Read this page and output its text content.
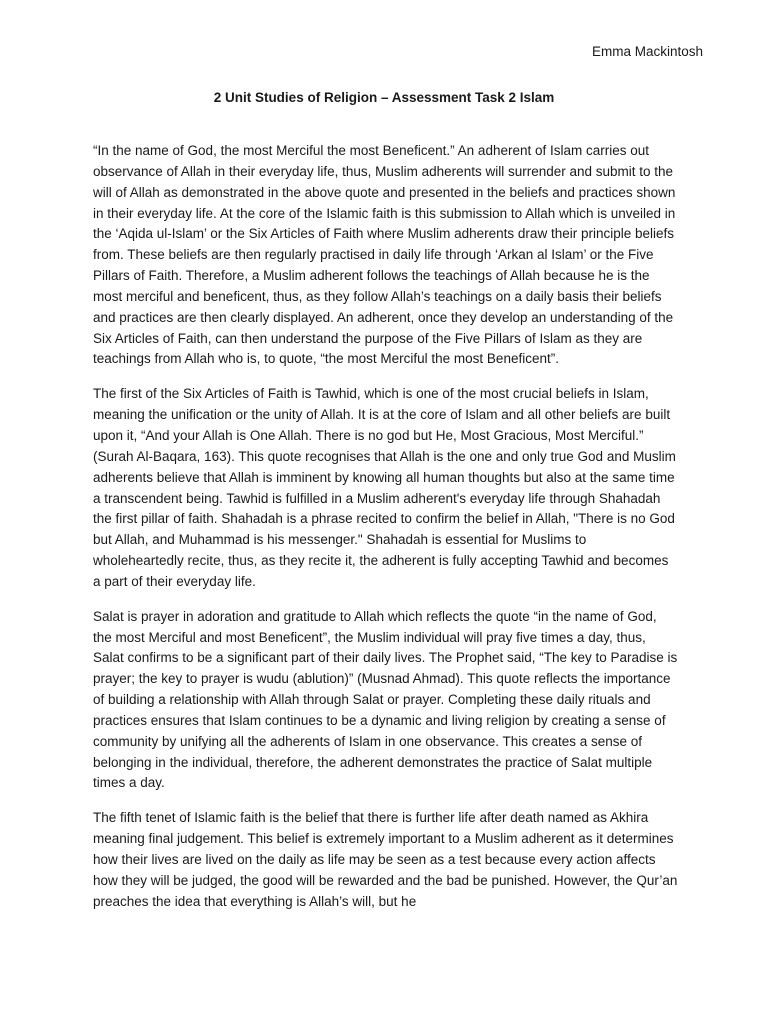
Emma Mackintosh
2 Unit Studies of Religion – Assessment Task 2 Islam

“In the name of God, the most Merciful the most Beneficent.” An adherent of Islam carries out observance of Allah in their everyday life, thus, Muslim adherents will surrender and submit to the will of Allah as demonstrated in the above quote and presented in the beliefs and practices shown in their everyday life. At the core of the Islamic faith is this submission to Allah which is unveiled in the ‘Aqida ul-Islam’ or the Six Articles of Faith where Muslim adherents draw their principle beliefs from. These beliefs are then regularly practised in daily life through ‘Arkan al Islam’ or the Five Pillars of Faith. Therefore, a Muslim adherent follows the teachings of Allah because he is the most merciful and beneficent, thus, as they follow Allah’s teachings on a daily basis their beliefs and practices are then clearly displayed. An adherent, once they develop an understanding of the Six Articles of Faith, can then understand the purpose of the Five Pillars of Islam as they are teachings from Allah who is, to quote, “the most Merciful the most Beneficent”.

The first of the Six Articles of Faith is Tawhid, which is one of the most crucial beliefs in Islam, meaning the unification or the unity of Allah. It is at the core of Islam and all other beliefs are built upon it, “And your Allah is One Allah. There is no god but He, Most Gracious, Most Merciful.” (Surah Al-Baqara, 163). This quote recognises that Allah is the one and only true God and Muslim adherents believe that Allah is imminent by knowing all human thoughts but also at the same time a transcendent being. Tawhid is fulfilled in a Muslim adherent's everyday life through Shahadah the first pillar of faith. Shahadah is a phrase recited to confirm the belief in Allah, "There is no God but Allah, and Muhammad is his messenger." Shahadah is essential for Muslims to wholeheartedly recite, thus, as they recite it, the adherent is fully accepting Tawhid and becomes a part of their everyday life.

Salat is prayer in adoration and gratitude to Allah which reflects the quote “in the name of God, the most Merciful and most Beneficent”, the Muslim individual will pray five times a day, thus, Salat confirms to be a significant part of their daily lives. The Prophet said, “The key to Paradise is prayer; the key to prayer is wudu (ablution)” (Musnad Ahmad). This quote reflects the importance of building a relationship with Allah through Salat or prayer. Completing these daily rituals and practices ensures that Islam continues to be a dynamic and living religion by creating a sense of community by unifying all the adherents of Islam in one observance. This creates a sense of belonging in the individual, therefore, the adherent demonstrates the practice of Salat multiple times a day.

The fifth tenet of Islamic faith is the belief that there is further life after death named as Akhira meaning final judgement. This belief is extremely important to a Muslim adherent as it determines how their lives are lived on the daily as life may be seen as a test because every action affects how they will be judged, the good will be rewarded and the bad be punished. However, the Qur’an preaches the idea that everything is Allah’s will, but he
